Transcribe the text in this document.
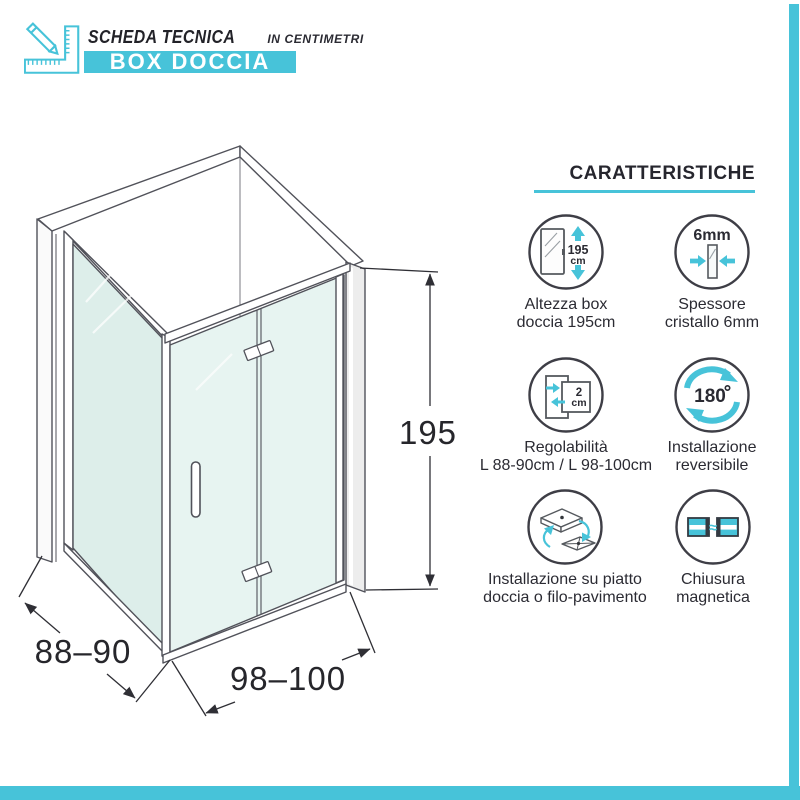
SCHEDA TECNICA	IN CENTIMETRI
BOX DOCCIA
195
88–90
98–100
CARATTERISTICHE
195
cm
Altezza box
doccia 195cm
6mm
Spessore
cristallo 6mm
2
cm
Regolabilità
L 88-90cm / L 98-100cm
180
Installazione
reversibile
Installazione su piatto
doccia o filo-pavimento
≈
Chiusura
magnetica
